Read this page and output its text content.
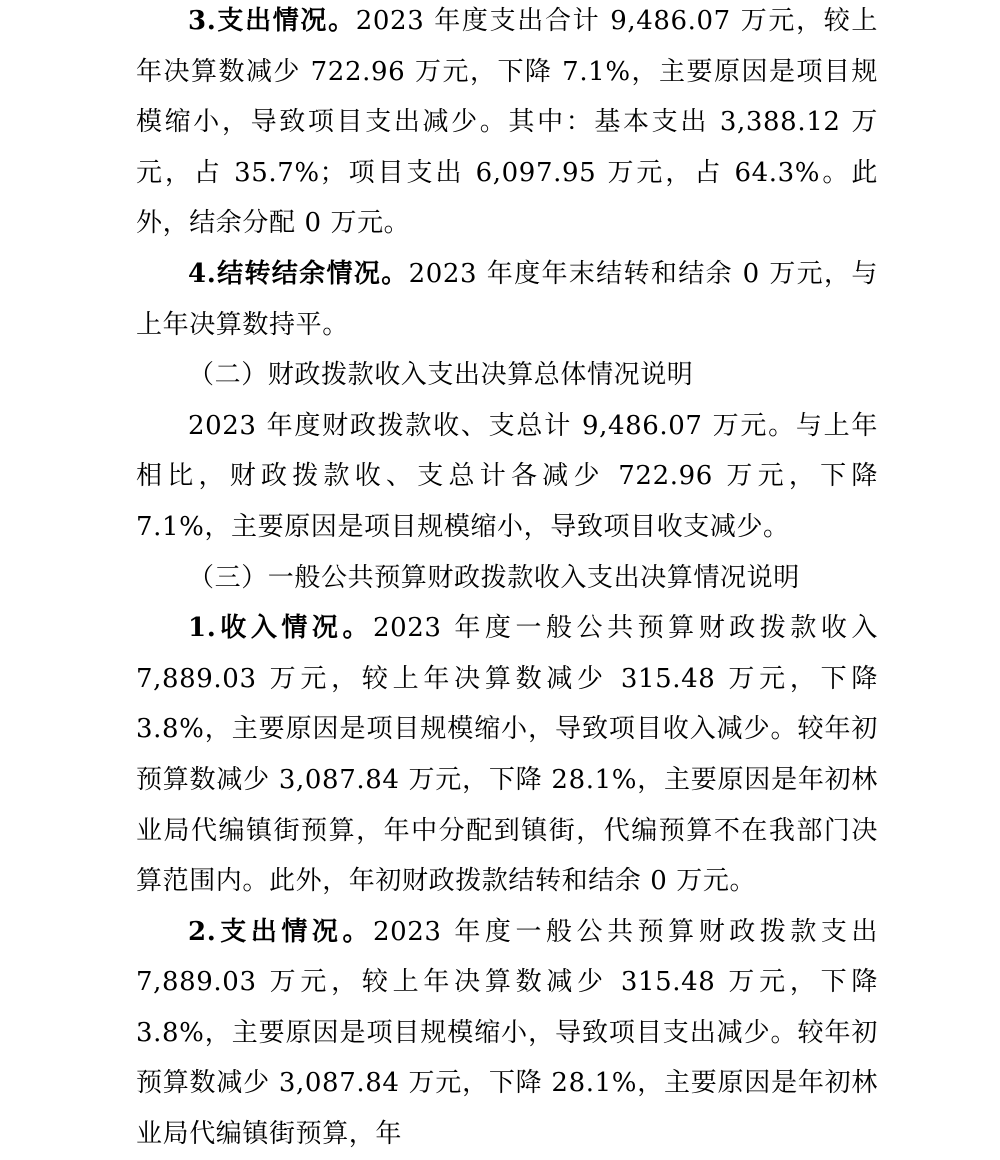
3.支出情况。2023 年度支出合计 9,486.07 万元，较上年决算数减少 722.96 万元，下降 7.1%，主要原因是项目规模缩小，导致项目支出减少。其中：基本支出 3,388.12 万元，占 35.7%；项目支出 6,097.95 万元，占 64.3%。此外，结余分配 0 万元。

4.结转结余情况。2023 年度年末结转和结余 0 万元，与上年决算数持平。

（二）财政拨款收入支出决算总体情况说明

2023 年度财政拨款收、支总计 9,486.07 万元。与上年相比，财政拨款收、支总计各减少 722.96 万元，下降 7.1%，主要原因是项目规模缩小，导致项目收支减少。

（三）一般公共预算财政拨款收入支出决算情况说明

1.收入情况。2023 年度一般公共预算财政拨款收入 7,889.03 万元，较上年决算数减少 315.48 万元，下降 3.8%，主要原因是项目规模缩小，导致项目收入减少。较年初预算数减少 3,087.84 万元，下降 28.1%，主要原因是年初林业局代编镇街预算，年中分配到镇街，代编预算不在我部门决算范围内。此外，年初财政拨款结转和结余 0 万元。

2.支出情况。2023 年度一般公共预算财政拨款支出 7,889.03 万元，较上年决算数减少 315.48 万元，下降 3.8%，主要原因是项目规模缩小，导致项目支出减少。较年初预算数减少 3,087.84 万元，下降 28.1%，主要原因是年初林业局代编镇街预算，年
